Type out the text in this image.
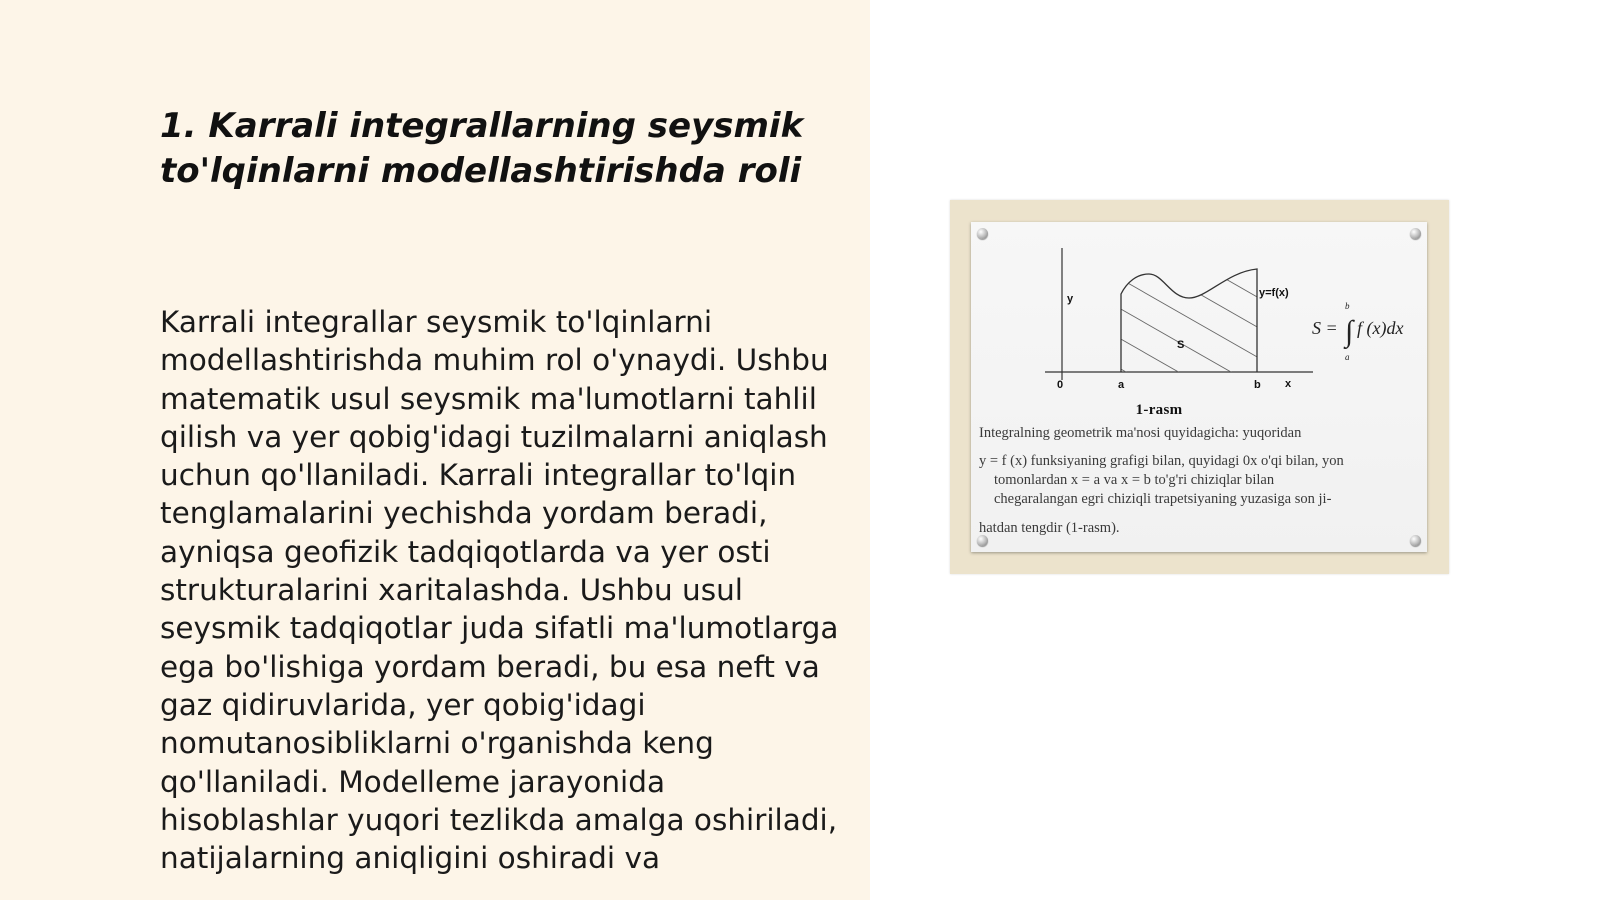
1. Karrali integrallarning seysmik
to'lqinlarni modellashtirishda roli

Karrali integrallar seysmik to'lqinlarni modellashtirishda muhim rol o'ynaydi. Ushbu matematik usul seysmik ma'lumotlarni tahlil qilish va yer qobig'idagi tuzilmalarni aniqlash uchun qo'llaniladi. Karrali integrallar to'lqin tenglamalarini yechishda yordam beradi, ayniqsa geofizik tadqiqotlarda va yer osti strukturalarini xaritalashda. Ushbu usul seysmik tadqiqotlar juda sifatli ma'lumotlarga ega bo'lishiga yordam beradi, bu esa neft va gaz qidiruvlarida, yer qobig'idagi nomutanosibliklarni o'rganishda keng qo'llaniladi. Modelleme jarayonida hisoblashlar yuqori tezlikda amalga oshiriladi, natijalarning aniqligini oshiradi va

y
0	a	b x
y=f(x)
S
S = ∫
b
a
f (x)dx

1-rasm

Integralning geometrik ma'nosi quyidagicha: yuqoridan

y = f (x) funksiyaning grafigi bilan, quyidagi 0x o'qi bilan, yon

tomonlardan x = a va x = b to'g'ri chiziqlar bilan

chegaralangan egri chiziqli trapetsiyaning yuzasiga son ji-

hatdan tengdir (1-rasm).
